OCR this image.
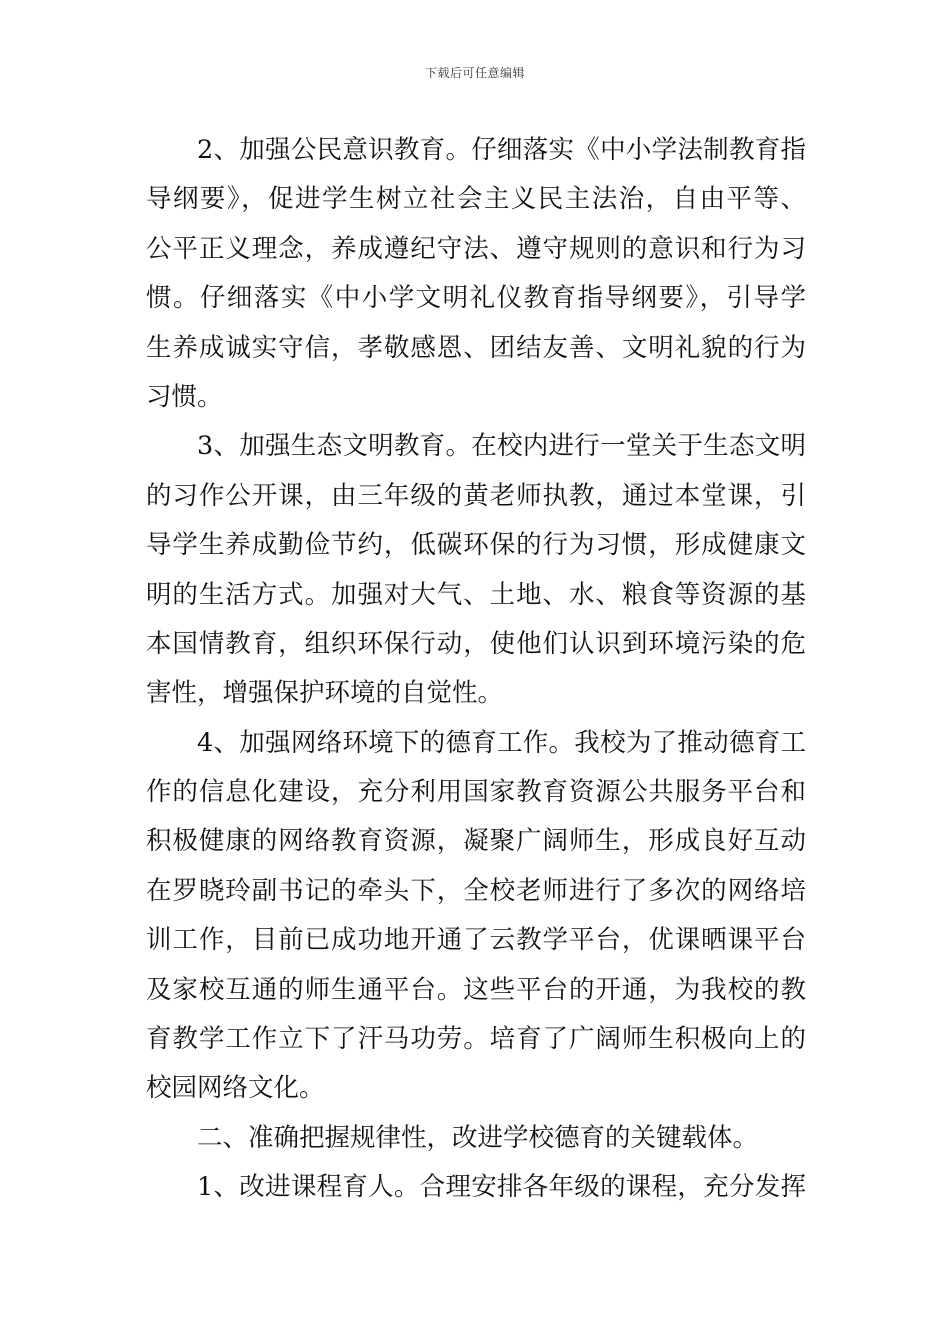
下载后可任意编辑
2、加强公民意识教育。仔细落实《中小学法制教育指
导纲要》，促进学生树立社会主义民主法治，自由平等、
公平正义理念，养成遵纪守法、遵守规则的意识和行为习
惯。仔细落实《中小学文明礼仪教育指导纲要》，引导学
生养成诚实守信，孝敬感恩、团结友善、文明礼貌的行为
习惯。
3、加强生态文明教育。在校内进行一堂关于生态文明
的习作公开课，由三年级的黄老师执教，通过本堂课，引
导学生养成勤俭节约，低碳环保的行为习惯，形成健康文
明的生活方式。加强对大气、土地、水、粮食等资源的基
本国情教育，组织环保行动，使他们认识到环境污染的危
害性，增强保护环境的自觉性。
4、加强网络环境下的德育工作。我校为了推动德育工
作的信息化建设，充分利用国家教育资源公共服务平台和
积极健康的网络教育资源，凝聚广阔师生，形成良好互动
在罗晓玲副书记的牵头下，全校老师进行了多次的网络培
训工作，目前已成功地开通了云教学平台，优课晒课平台
及家校互通的师生通平台。这些平台的开通，为我校的教
育教学工作立下了汗马功劳。培育了广阔师生积极向上的
校园网络文化。
二、准确把握规律性，改进学校德育的关键载体。
1、改进课程育人。合理安排各年级的课程，充分发挥
